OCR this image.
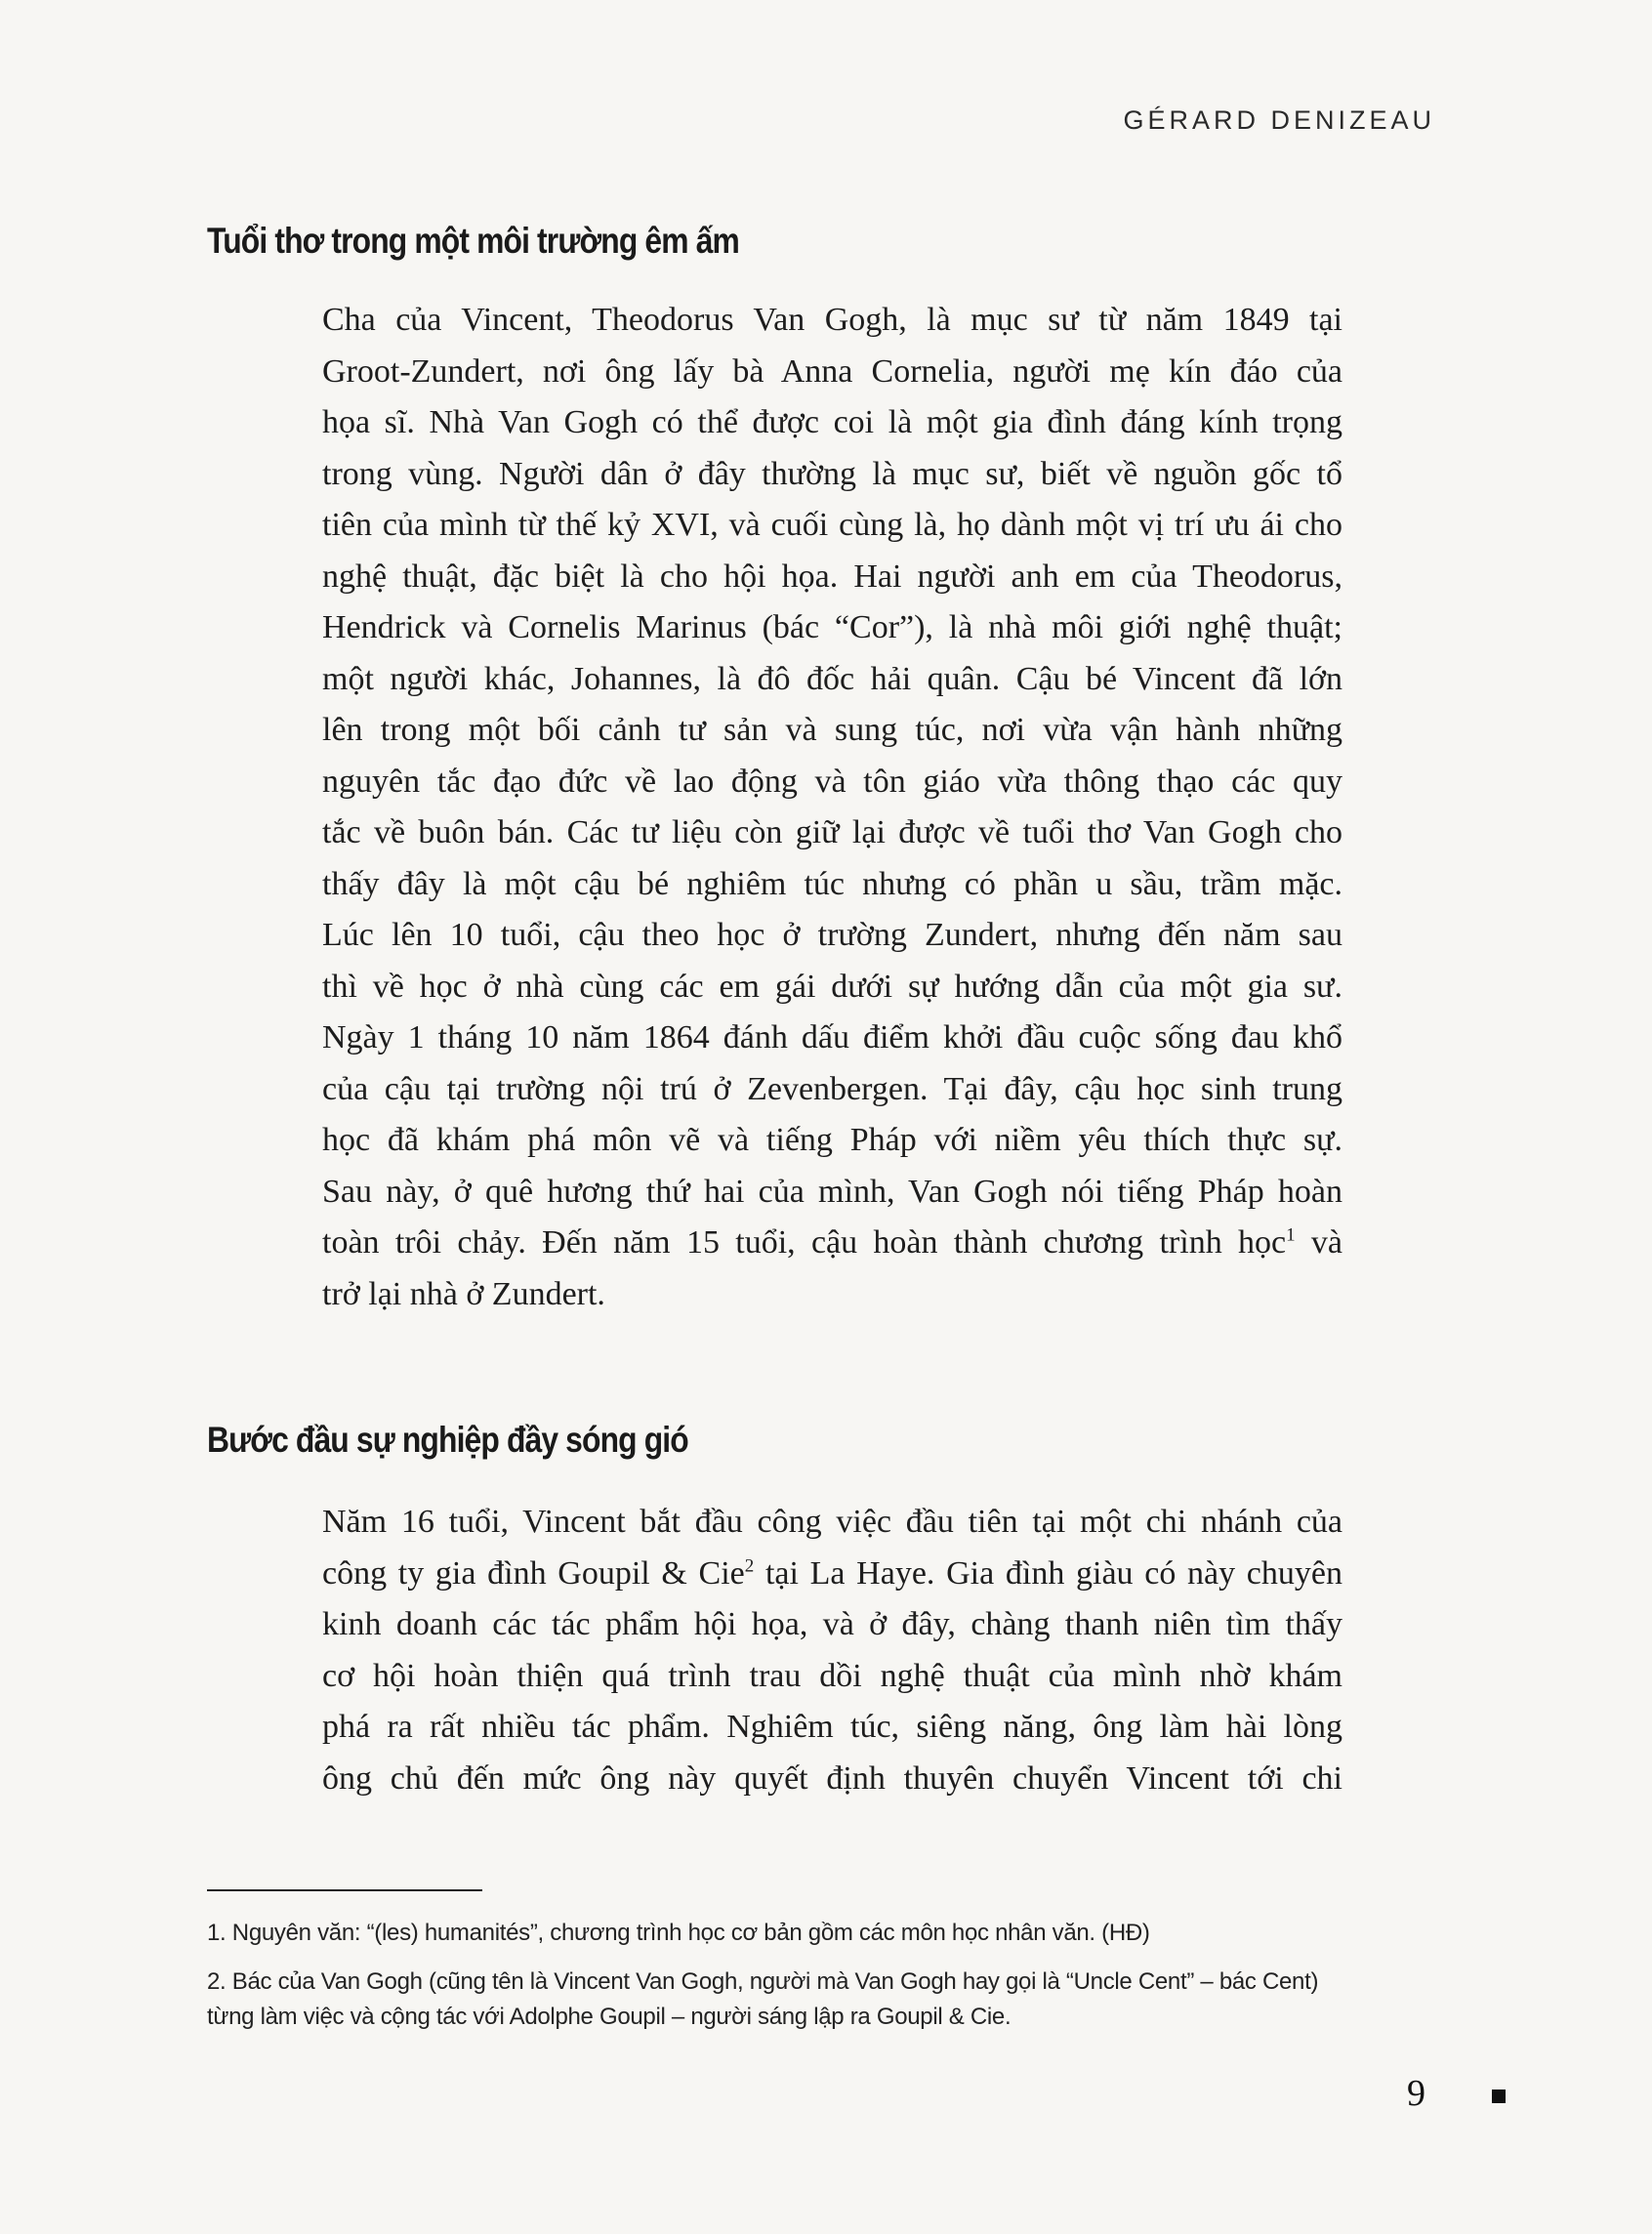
GÉRARD DENIZEAU
Tuổi thơ trong một môi trường êm ấm
Cha của Vincent, Theodorus Van Gogh, là mục sư từ năm 1849 tại
Groot-Zundert, nơi ông lấy bà Anna Cornelia, người mẹ kín đáo của
họa sĩ. Nhà Van Gogh có thể được coi là một gia đình đáng kính trọng
trong vùng. Người dân ở đây thường là mục sư, biết về nguồn gốc tổ
tiên của mình từ thế kỷ XVI, và cuối cùng là, họ dành một vị trí ưu ái cho
nghệ thuật, đặc biệt là cho hội họa. Hai người anh em của Theodorus,
Hendrick và Cornelis Marinus (bác “Cor”), là nhà môi giới nghệ thuật;
một người khác, Johannes, là đô đốc hải quân. Cậu bé Vincent đã lớn
lên trong một bối cảnh tư sản và sung túc, nơi vừa vận hành những
nguyên tắc đạo đức về lao động và tôn giáo vừa thông thạo các quy
tắc về buôn bán. Các tư liệu còn giữ lại được về tuổi thơ Van Gogh cho
thấy đây là một cậu bé nghiêm túc nhưng có phần u sầu, trầm mặc.
Lúc lên 10 tuổi, cậu theo học ở trường Zundert, nhưng đến năm sau
thì về học ở nhà cùng các em gái dưới sự hướng dẫn của một gia sư.
Ngày 1 tháng 10 năm 1864 đánh dấu điểm khởi đầu cuộc sống đau khổ
của cậu tại trường nội trú ở Zevenbergen. Tại đây, cậu học sinh trung
học đã khám phá môn vẽ và tiếng Pháp với niềm yêu thích thực sự.
Sau này, ở quê hương thứ hai của mình, Van Gogh nói tiếng Pháp hoàn
toàn trôi chảy. Đến năm 15 tuổi, cậu hoàn thành chương trình học$^1$ và
trở lại nhà ở Zundert.
Bước đầu sự nghiệp đầy sóng gió
Năm 16 tuổi, Vincent bắt đầu công việc đầu tiên tại một chi nhánh của
công ty gia đình Goupil & Cie$^2$ tại La Haye. Gia đình giàu có này chuyên
kinh doanh các tác phẩm hội họa, và ở đây, chàng thanh niên tìm thấy
cơ hội hoàn thiện quá trình trau dồi nghệ thuật của mình nhờ khám
phá ra rất nhiều tác phẩm. Nghiêm túc, siêng năng, ông làm hài lòng
ông chủ đến mức ông này quyết định thuyên chuyển Vincent tới chi

1. Nguyên văn: “(les) humanités”, chương trình học cơ bản gồm các môn học nhân văn. (HĐ)

2. Bác của Van Gogh (cũng tên là Vincent Van Gogh, người mà Van Gogh hay gọi là “Uncle Cent” – bác Cent)

từng làm việc và cộng tác với Adolphe Goupil – người sáng lập ra Goupil & Cie.

9
